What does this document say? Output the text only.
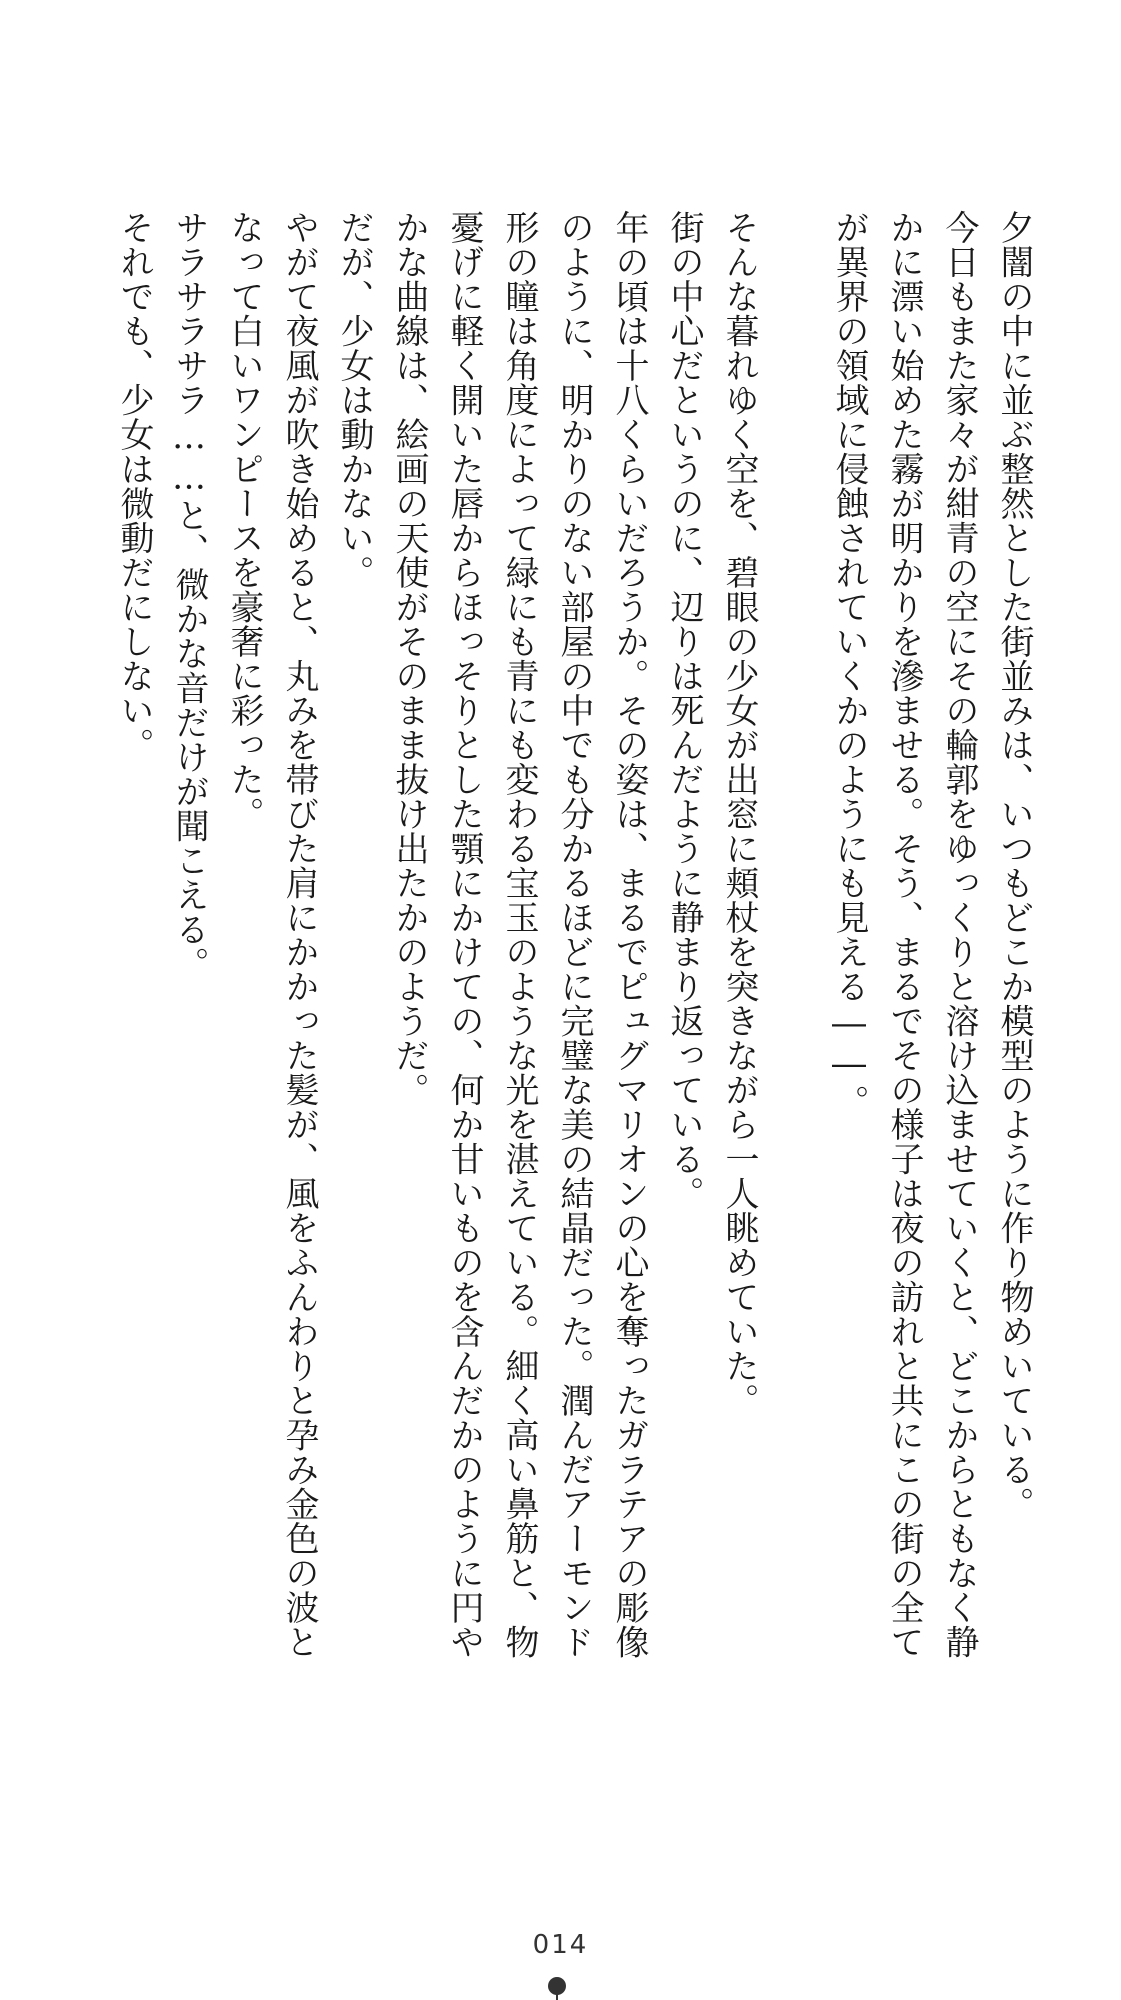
夕闇の中に並ぶ整然とした街並みは、いつもどこか模型のように作り物めいている。

今日もまた家々が紺青の空にその輪郭をゆっくりと溶け込ませていくと、どこからともなく静かに漂い始めた霧が明かりを滲ませる。そう、まるでその様子は夜の訪れと共にこの街の全てが異界の領域に侵蝕されていくかのようにも見える――。

そんな暮れゆく空を、碧眼の少女が出窓に頬杖を突きながら一人眺めていた。

街の中心だというのに、辺りは死んだように静まり返っている。

年の頃は十八くらいだろうか。その姿は、まるでピュグマリオンの心を奪ったガラテアの彫像のように、明かりのない部屋の中でも分かるほどに完璧な美の結晶だった。潤んだアーモンド形の瞳は角度によって緑にも青にも変わる宝玉のような光を湛えている。細く高い鼻筋と、物憂げに軽く開いた唇からほっそりとした顎にかけての、何か甘いものを含んだかのように円やかな曲線は、絵画の天使がそのまま抜け出たかのようだ。

だが、少女は動かない。

やがて夜風が吹き始めると、丸みを帯びた肩にかかった髪が、風をふんわりと孕み金色の波となって白いワンピースを豪奢に彩った。

サラサラサラ……と、微かな音だけが聞こえる。

それでも、少女は微動だにしない。

014
